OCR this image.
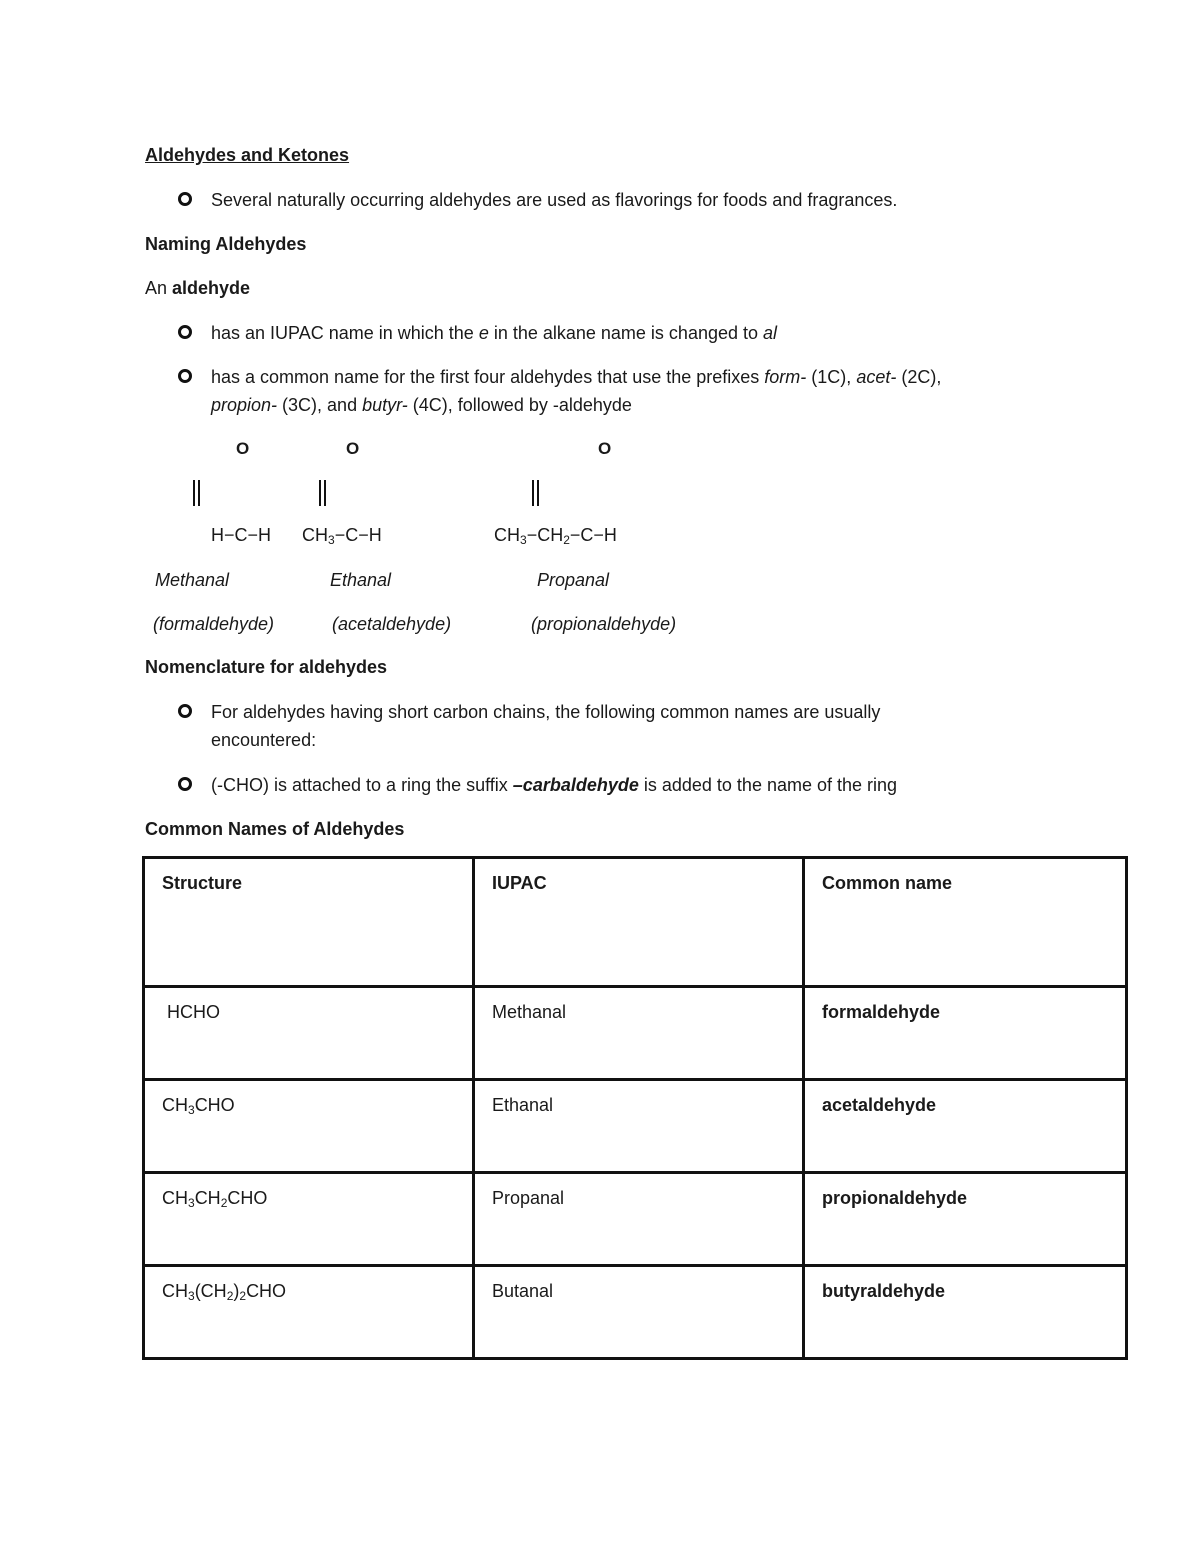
Aldehydes and Ketones
Several naturally occurring aldehydes are used as flavorings for foods and fragrances.
Naming Aldehydes
An aldehyde
has an IUPAC name in which the e in the alkane name is changed to al
has a common name for the first four aldehydes that use the prefixes form- (1C), acet- (2C),
propion- (3C), and butyr- (4C), followed by -aldehyde
O	O	O
H−C−H $CH_3-C-H$	$CH_3-CH_2-C-H$
Methanal	Ethanal	Propanal
(formaldehyde)	(acetaldehyde)	(propionaldehyde)
Nomenclature for aldehydes
For aldehydes having short carbon chains, the following common names are usually
encountered:
(-CHO) is attached to a ring the suffix –carbaldehyde is added to the name of the ring
Common Names of Aldehydes
Structure	IUPAC	Common name
HCHO	Methanal	formaldehyde
$CH_3CHO$	Ethanal	acetaldehyde
$CH_3CH_2CHO$	Propanal	propionaldehyde
$CH_3(CH_2)_2CHO$	Butanal	butyraldehyde
